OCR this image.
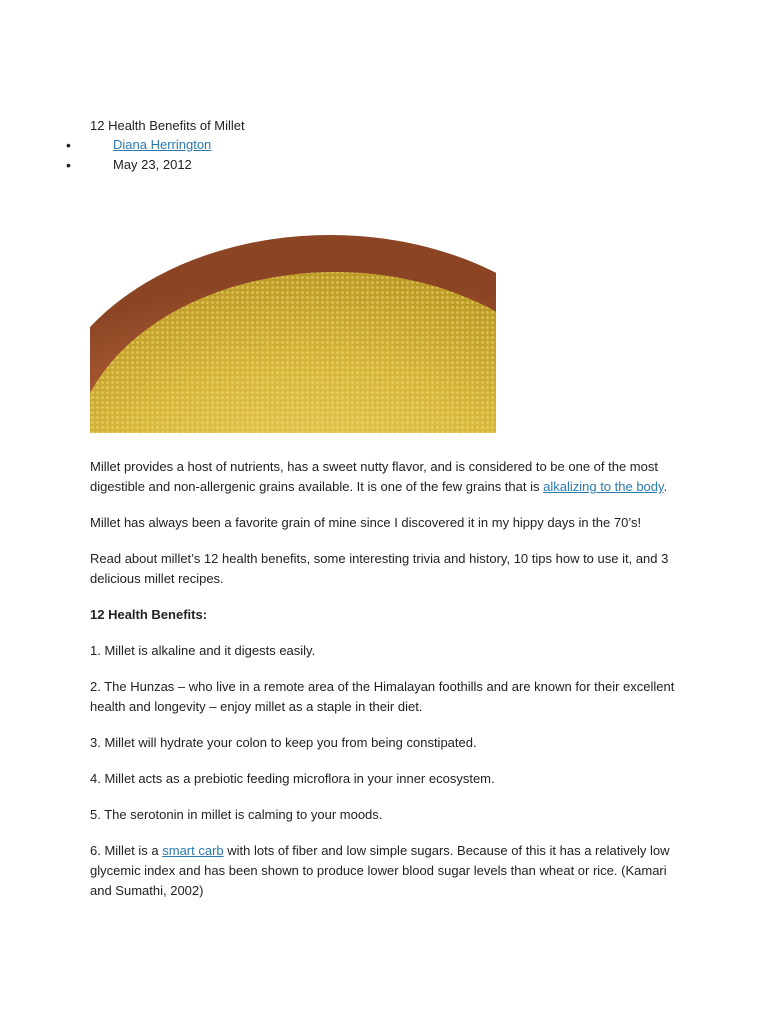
12 Health Benefits of Millet
•	Diana Herrington
•	May 23, 2012

Millet provides a host of nutrients, has a sweet nutty flavor, and is considered to be one of the most digestible and non-allergenic grains available. It is one of the few grains that is alkalizing to the body.

Millet has always been a favorite grain of mine since I discovered it in my hippy days in the 70’s!

Read about millet’s 12 health benefits, some interesting trivia and history, 10 tips how to use it, and 3 delicious millet recipes.

12 Health Benefits:

1. Millet is alkaline and it digests easily.

2. The Hunzas – who live in a remote area of the Himalayan foothills and are known for their excellent health and longevity – enjoy millet as a staple in their diet.

3. Millet will hydrate your colon to keep you from being constipated.

4. Millet acts as a prebiotic feeding microflora in your inner ecosystem.

5. The serotonin in millet is calming to your moods.

6. Millet is a smart carb with lots of fiber and low simple sugars. Because of this it has a relatively low glycemic index and has been shown to produce lower blood sugar levels than wheat or rice. (Kamari and Sumathi, 2002)
